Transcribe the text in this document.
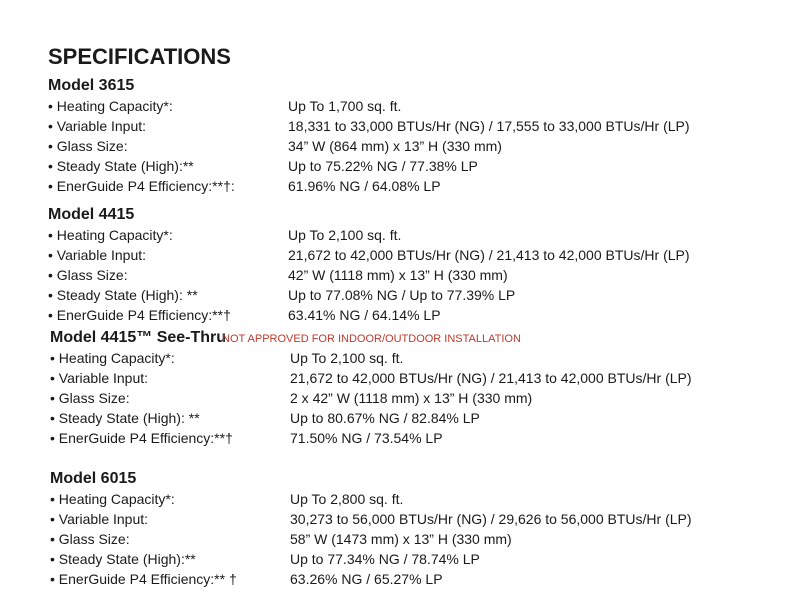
SPECIFICATIONS
Model 3615
• Heating Capacity*:	Up To 1,700 sq. ft.
• Variable Input:	18,331 to 33,000 BTUs/Hr (NG) / 17,555 to 33,000 BTUs/Hr (LP)
• Glass Size:	34” W (864 mm) x 13” H (330 mm)
• Steady State (High):**	Up to 75.22% NG / 77.38% LP
• EnerGuide P4 Efficiency:**†:	61.96% NG / 64.08% LP
Model 4415
• Heating Capacity*:	Up To 2,100 sq. ft.
• Variable Input:	21,672 to 42,000 BTUs/Hr (NG) / 21,413 to 42,000 BTUs/Hr (LP)
• Glass Size:	42” W (1118 mm) x 13” H (330 mm)
• Steady State (High): **	Up to 77.08% NG / Up to 77.39% LP
• EnerGuide P4 Efficiency:**†	63.41% NG / 64.14% LP
Model 4415™ See-ThruNOT APPROVED FOR INDOOR/OUTDOOR INSTALLATION
• Heating Capacity*:	Up To 2,100 sq. ft.
• Variable Input:	21,672 to 42,000 BTUs/Hr (NG) / 21,413 to 42,000 BTUs/Hr (LP)
• Glass Size:	2 x 42” W (1118 mm) x 13” H (330 mm)
• Steady State (High): **	Up to 80.67% NG / 82.84% LP
• EnerGuide P4 Efficiency:**†	71.50% NG / 73.54% LP
Model 6015
• Heating Capacity*:	Up To 2,800 sq. ft.
• Variable Input:	30,273 to 56,000 BTUs/Hr (NG) / 29,626 to 56,000 BTUs/Hr (LP)
• Glass Size:	58” W (1473 mm) x 13” H (330 mm)
• Steady State (High):**	Up to 77.34% NG / 78.74% LP
• EnerGuide P4 Efficiency:** †	63.26% NG / 65.27% LP
